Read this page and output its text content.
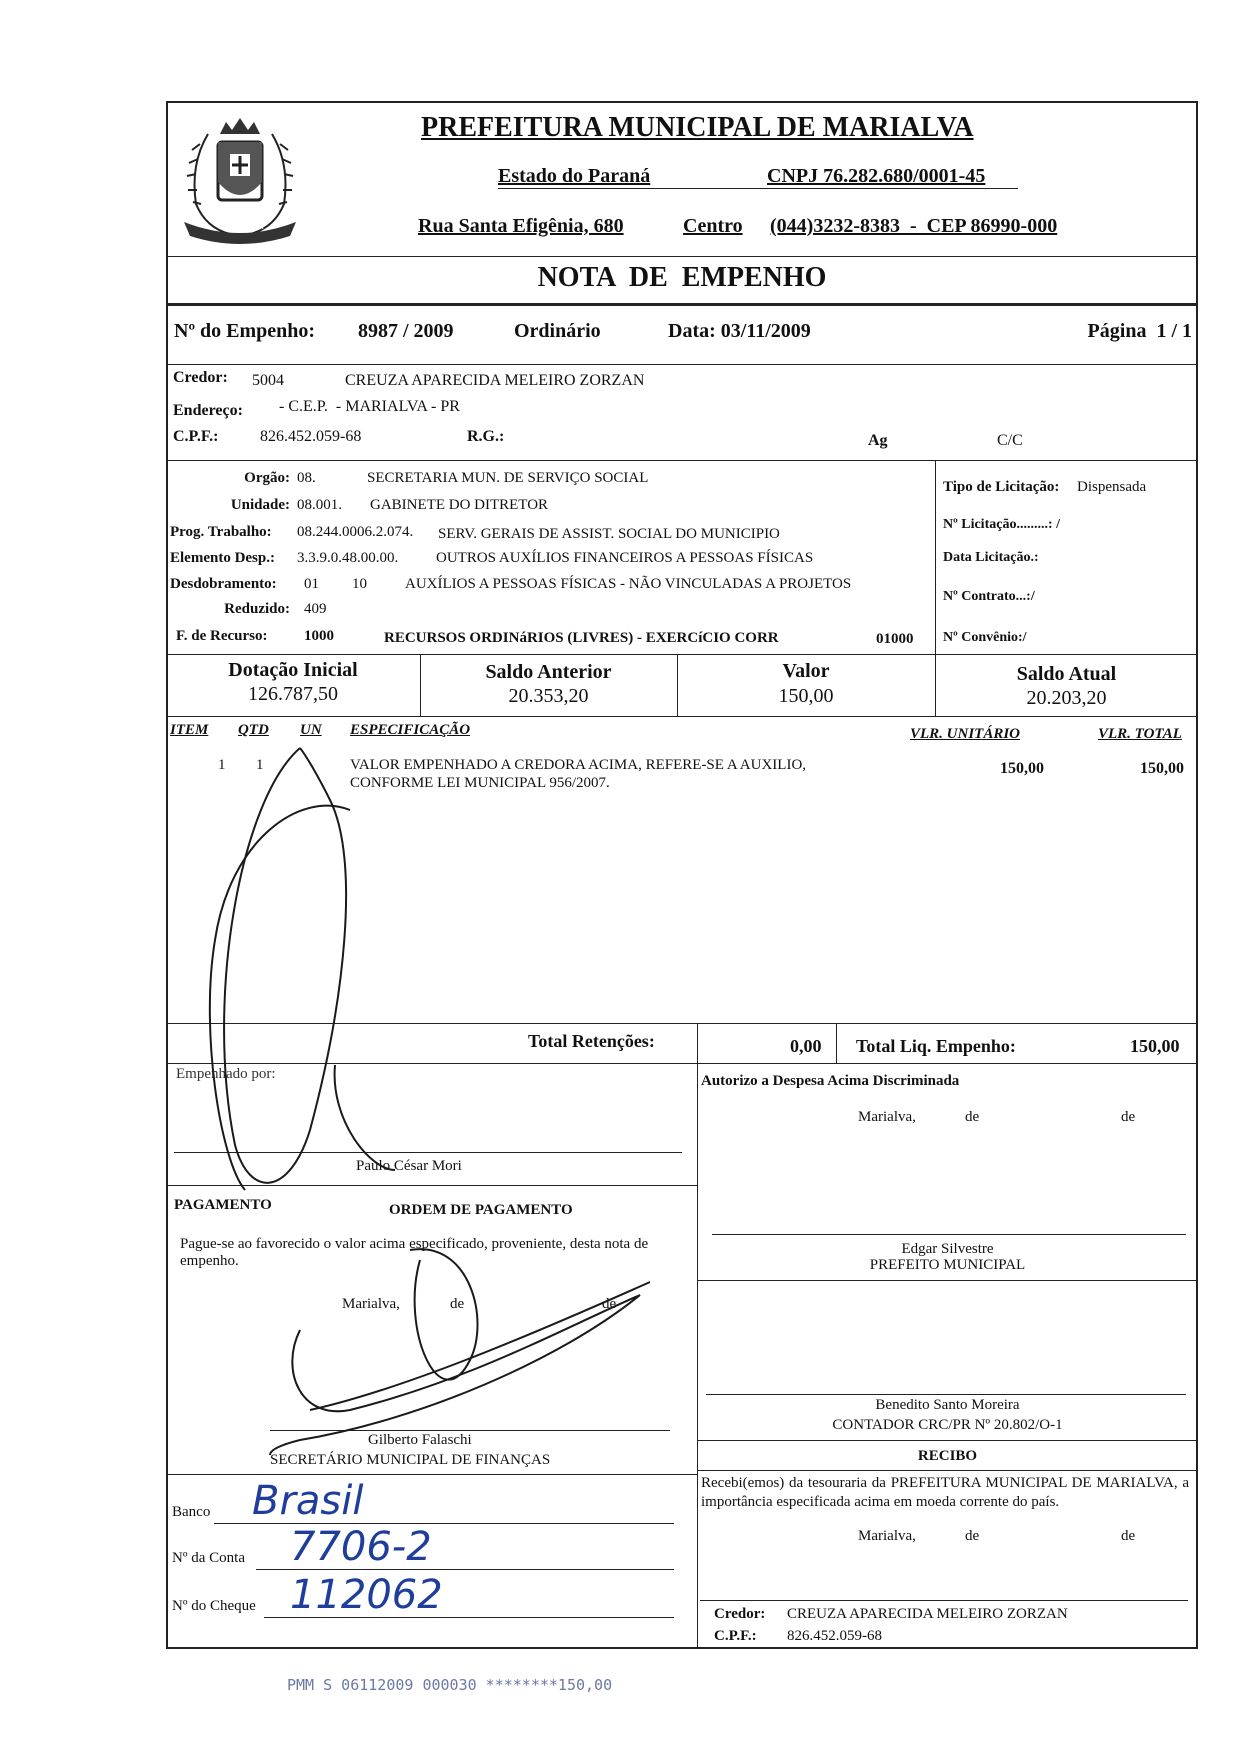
MARIALVA
PREFEITURA MUNICIPAL DE MARIALVA
Estado do Paraná	CNPJ 76.282.680/0001-45
Rua Santa Efigênia, 680	Centro (044)3232-8383  -  CEP 86990-000
NOTA  DE  EMPENHO
Nº do Empenho: 8987 / 2009	Ordinário	Data: 03/11/2009	Página  1 / 1
Credor: 5004	CREUZA APARECIDA MELEIRO ZORZAN
Endereço: - C.E.P.  - MARIALVA - PR
C.P.F.:	826.452.059-68	R.G.:	Ag	C/C
Orgão: 08.	SECRETARIA MUN. DE SERVIÇO SOCIAL
Unidade: 08.001. GABINETE DO DITRETOR
Prog. Trabalho: 08.244.0006.2.074. SERV. GERAIS DE ASSIST. SOCIAL DO MUNICIPIO
Elemento Desp.: 3.3.9.0.48.00.00.	OUTROS AUXÍLIOS FINANCEIROS A PESSOAS FÍSICAS
Desdobramento: 01 10	AUXÍLIOS A PESSOAS FÍSICAS - NÃO VINCULADAS A PROJETOS
Reduzido: 409
F. de Recurso: 1000	RECURSOS ORDINáRIOS (LIVRES) - EXERCíCIO CORR	01000
Tipo de Licitação: Dispensada
Nº Licitação.........: /
Data Licitação.:
Nº Contrato...:/
Nº Convênio:/
Dotação Inicial
126.787,50
Saldo Anterior
20.353,20
Valor
150,00
Saldo Atual
20.203,20
ITEM QTD UN ESPECIFICAÇÃO	VLR. UNITÁRIO	VLR. TOTAL
1 1	VALOR EMPENHADO A CREDORA ACIMA, REFERE-SE A AUXILIO,
CONFORME LEI MUNICIPAL 956/2007.
150,00	150,00
Total Retenções:	0,00 Total Liq. Empenho:	150,00
Empenhado por:
Paulo César Mori
PAGAMENTO	ORDEM DE PAGAMENTO
Pague-se ao favorecido o valor acima especificado, proveniente, desta nota de empenho.
Marialva,	de	de
Gilberto Falaschi
SECRETÁRIO MUNICIPAL DE FINANÇAS
Banco Brasil
Nº da Conta 7706-2
Nº do Cheque 112062
Autorizo a Despesa Acima Discriminada
Marialva,	de	de
Edgar Silvestre
PREFEITO MUNICIPAL
Benedito Santo Moreira
CONTADOR CRC/PR Nº 20.802/O-1
RECIBO
Recebi(emos) da tesouraria da PREFEITURA MUNICIPAL DE MARIALVA, a importância especificada acima em moeda corrente do país.
Marialva,	de	de
Credor: CREUZA APARECIDA MELEIRO ZORZAN
C.P.F.: 826.452.059-68
PMM S 06112009 000030 ********150,00
